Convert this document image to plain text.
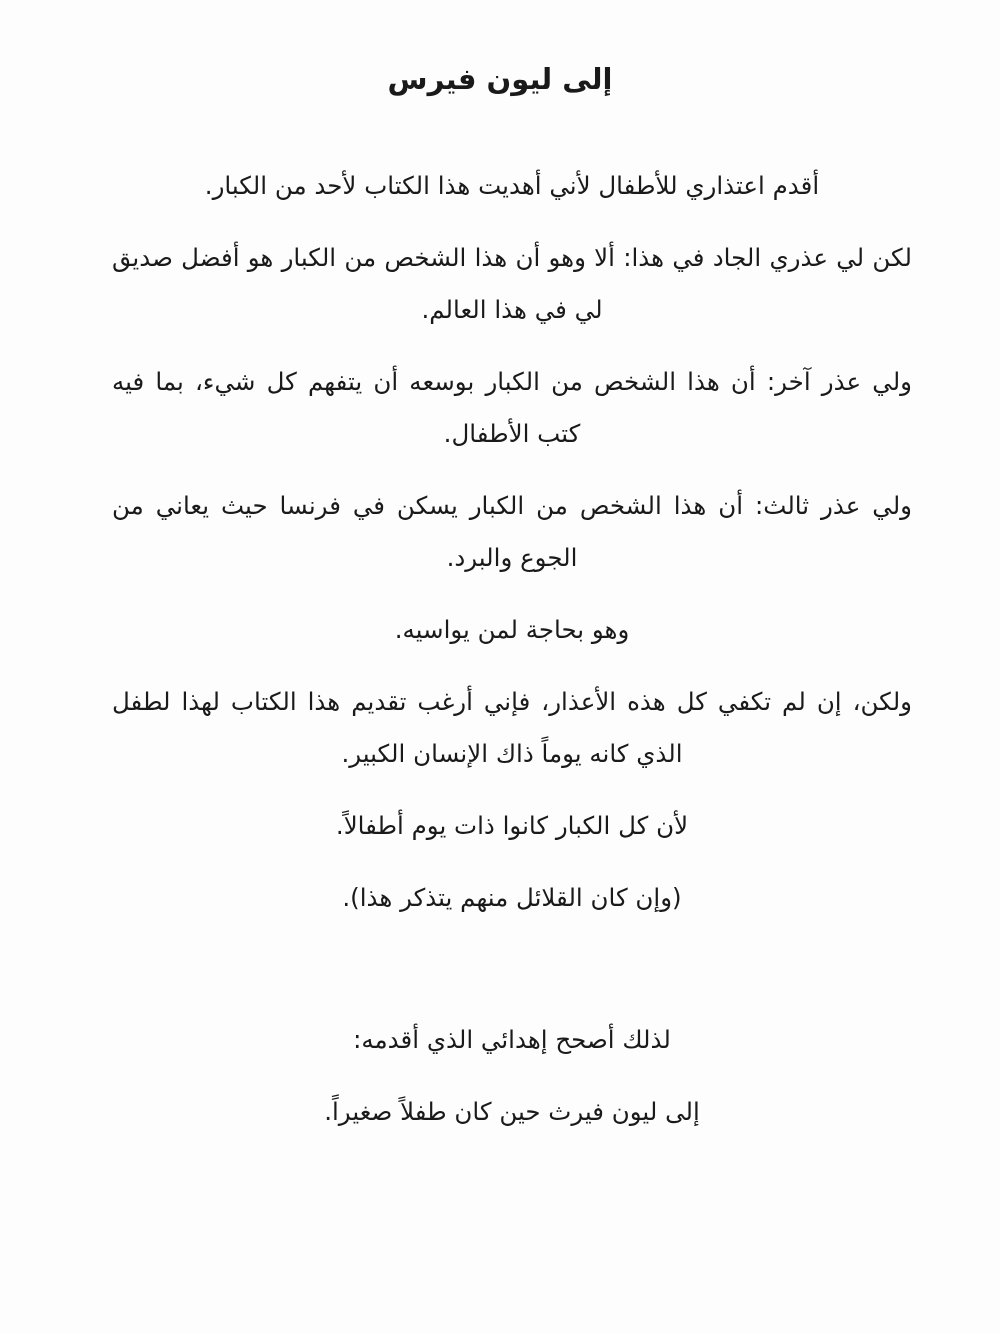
إلى ليون فيرس

أقدم اعتذاري للأطفال لأني أهديت هذا الكتاب لأحد من الكبار.

لكن لي عذري الجاد في هذا: ألا وهو أن هذا الشخص من الكبار هو أفضل صديق لي في هذا العالم.

ولي عذر آخر: أن هذا الشخص من الكبار بوسعه أن يتفهم كل شيء، بما فيه كتب الأطفال.

ولي عذر ثالث: أن هذا الشخص من الكبار يسكن في فرنسا حيث يعاني من الجوع والبرد.

وهو بحاجة لمن يواسيه.

ولكن، إن لم تكفي كل هذه الأعذار، فإني أرغب تقديم هذا الكتاب لهذا لطفل الذي كانه يوماً ذاك الإنسان الكبير.

لأن كل الكبار كانوا ذات يوم أطفالاً.

(وإن كان القلائل منهم يتذكر هذا).

لذلك أصحح إهدائي الذي أقدمه:

إلى ليون فيرث حين كان طفلاً صغيراً.
